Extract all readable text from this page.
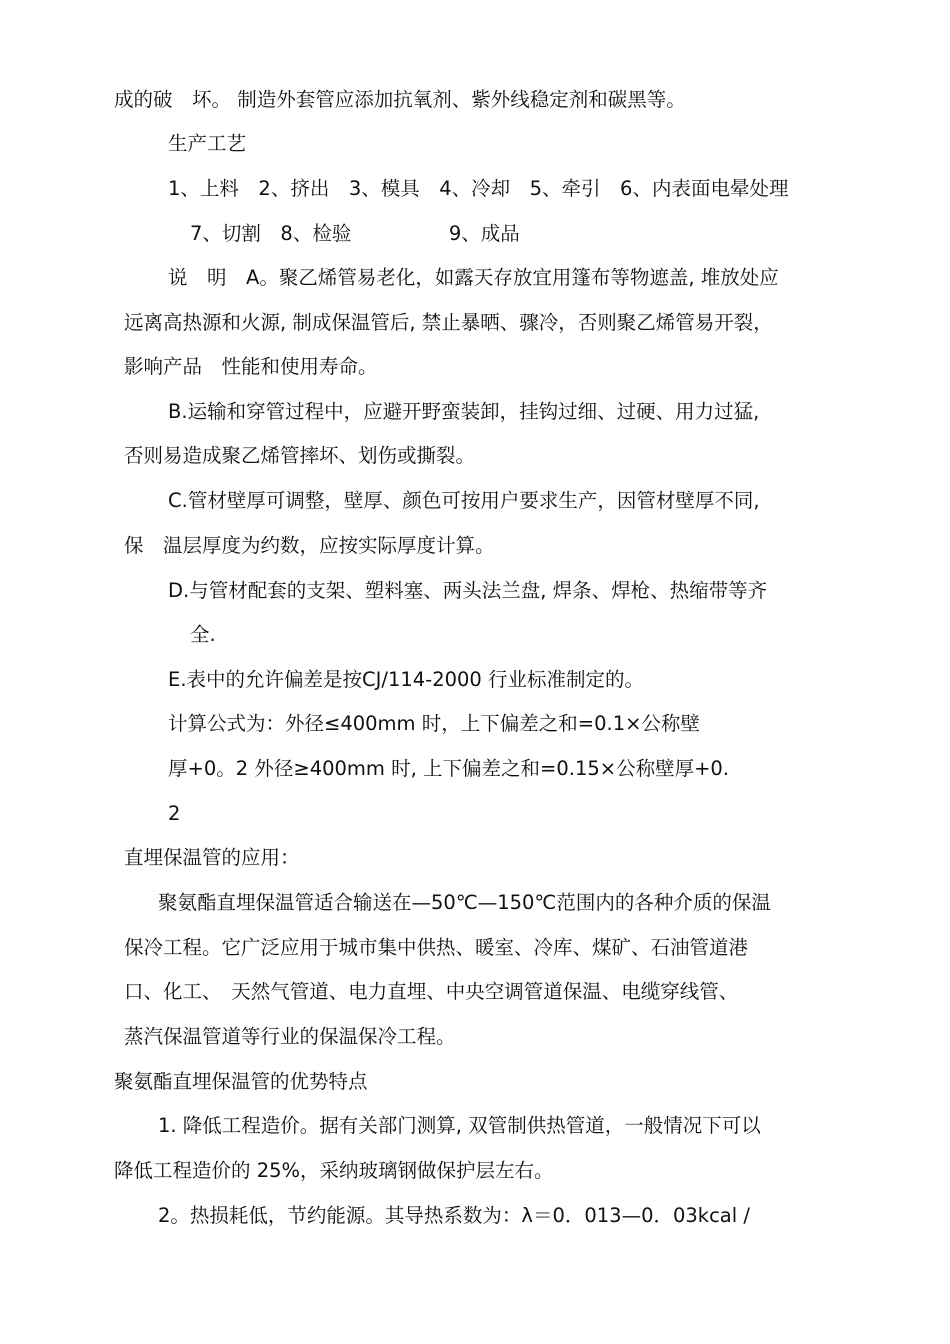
成的破　坏。 制造外套管应添加抗氧剂、紫外线稳定剂和碳黑等。
生产工艺
1、上料　2、挤出　3、模具　4、冷却　5、牵引　6、内表面电晕处理
7、切割　8、检验　　　　　9、成品
说　明　A。聚乙烯管易老化，如露天存放宜用篷布等物遮盖, 堆放处应
远离高热源和火源, 制成保温管后, 禁止暴晒、骤冷，否则聚乙烯管易开裂，
影响产品　性能和使用寿命。
B.运输和穿管过程中，应避开野蛮装卸，挂钩过细、过硬、用力过猛,
否则易造成聚乙烯管摔坏、划伤或撕裂。
C.管材壁厚可调整，壁厚、颜色可按用户要求生产，因管材壁厚不同,
保　温层厚度为约数，应按实际厚度计算。
D.与管材配套的支架、塑料塞、两头法兰盘, 焊条、焊枪、热缩带等齐
全.
E.表中的允许偏差是按CJ/114-2000 行业标准制定的。
计算公式为：外径≤400mm 时，上下偏差之和=0.1×公称壁
厚+0。2 外径≥400mm 时, 上下偏差之和=0.15×公称壁厚+0.
2
直埋保温管的应用：
聚氨酯直埋保温管适合输送在—50℃—150℃范围内的各种介质的保温
保冷工程。它广泛应用于城市集中供热、暖室、冷库、煤矿、石油管道港
口、化工、　天然气管道、电力直埋、中央空调管道保温、电缆穿线管、
蒸汽保温管道等行业的保温保冷工程。
聚氨酯直埋保温管的优势特点
1. 降低工程造价。据有关部门测算, 双管制供热管道，一般情况下可以
降低工程造价的 25%，采纳玻璃钢做保护层左右。
2。热损耗低，节约能源。其导热系数为：λ＝0．013—0．03kcal /
